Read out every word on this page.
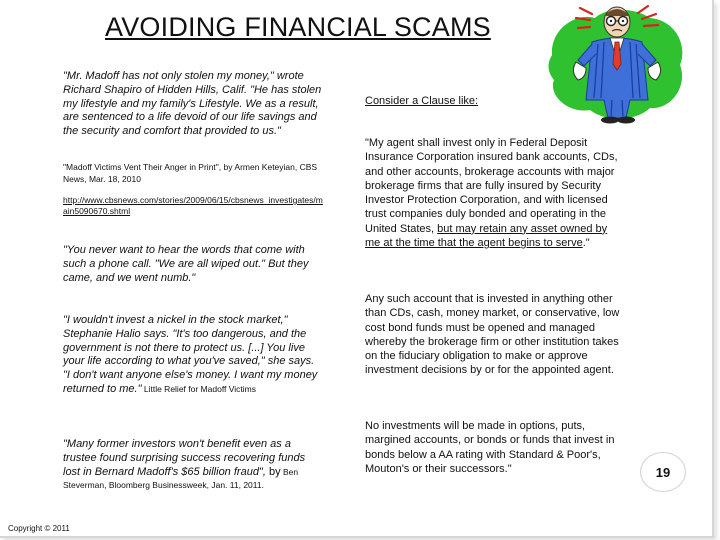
AVOIDING FINANCIAL SCAMS
"Mr. Madoff has not only stolen my money," wrote Richard Shapiro of Hidden Hills, Calif. "He has stolen my lifestyle and my family's Lifestyle. We as a result, are sentenced to a life devoid of our life savings and the security and comfort that provided to us."
"Madoff Victims Vent Their Anger in Print", by Armen Keteyian, CBS News, Mar. 18, 2010
http://www.cbsnews.com/stories/2009/06/15/cbsnews_investigates/main5090670.shtml
"You never want to hear the words that come with such a phone call. "We are all wiped out." But they came, and we went numb."
"I wouldn't invest a nickel in the stock market," Stephanie Halio says. "It's too dangerous, and the government is not there to protect us. [...] You live your life according to what you've saved," she says. "I don't want anyone else's money. I want my money returned to me." Little Relief for Madoff Victims
"Many former investors won't benefit even as a trustee found surprising success recovering funds lost in Bernard Madoff's $65 billion fraud", by Ben Steverman, Bloomberg Businessweek, Jan. 11, 2011.
Consider a Clause like:
"My agent shall invest only in Federal Deposit Insurance Corporation insured bank accounts, CDs, and other accounts, brokerage accounts with major brokerage firms that are fully insured by Security Investor Protection Corporation, and with licensed trust companies duly bonded and operating in the United States, but may retain any asset owned by me at the time that the agent begins to serve."
Any such account that is invested in anything other than CDs, cash, money market, or conservative, low cost bond funds must be opened and managed whereby the brokerage firm or other institution takes on the fiduciary obligation to make or approve investment decisions by or for the appointed agent.
No investments will be made in options, puts, margined accounts, or bonds or funds that invest in bonds below a AA rating with Standard & Poor's, Mouton's or their successors."
Copyright © 2011
19
